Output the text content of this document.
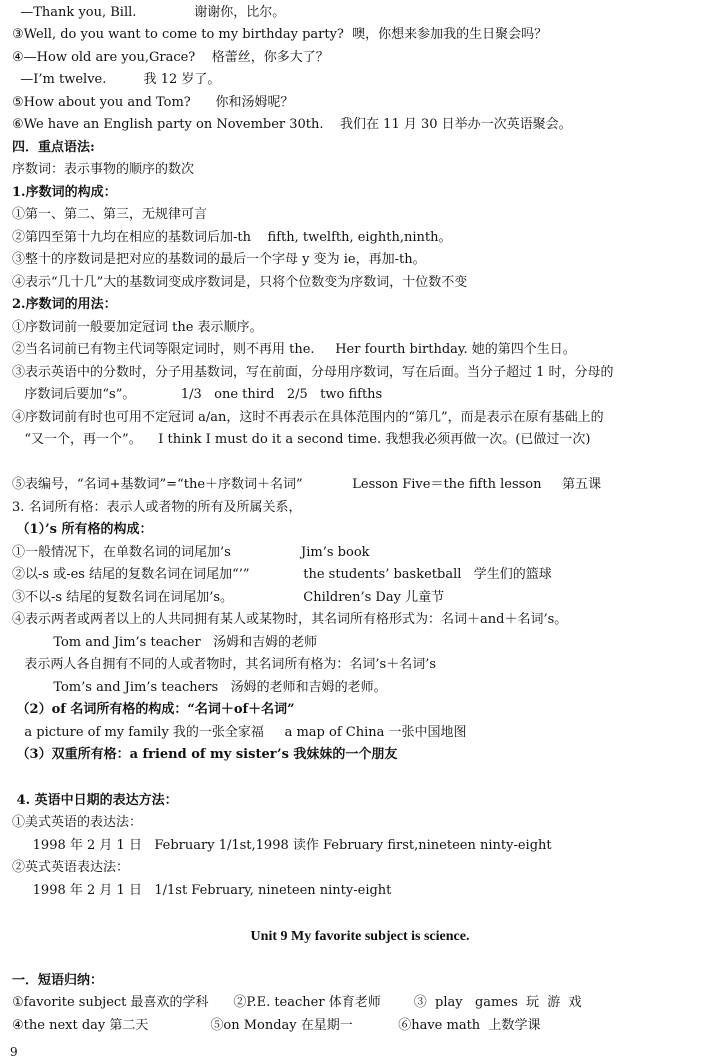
—Thank you, Bill.              谢谢你，比尔。
③Well, do you want to come to my birthday party?  噢，你想来参加我的生日聚会吗？
④—How old are you,Grace?    格蕾丝，你多大了？
—I’m twelve.         我 12 岁了。
⑤How about you and Tom?      你和汤姆呢？
⑥We have an English party on November 30th.    我们在 11 月 30 日举办一次英语聚会。
四．重点语法:
序数词：表示事物的顺序的数次
1.序数词的构成：
①第一、第二、第三，无规律可言
②第四至第十九均在相应的基数词后加-th    fifth, twelfth, eighth,ninth。
③整十的序数词是把对应的基数词的最后一个字母 y 变为 ie，再加-th。
④表示“几十几”大的基数词变成序数词是，只将个位数变为序数词，十位数不变
2.序数词的用法：
①序数词前一般要加定冠词 the 表示顺序。
②当名词前已有物主代词等限定词时，则不再用 the.     Her fourth birthday. 她的第四个生日。
③表示英语中的分数时，分子用基数词，写在前面，分母用序数词，写在后面。当分子超过 1 时，分母的
序数词后要加“s”。           1/3   one third   2/5   two fifths
④序数词前有时也可用不定冠词 a/an，这时不再表示在具体范围内的“第几”，而是表示在原有基础上的
“又一个，再一个”。    I think I must do it a second time. 我想我必须再做一次。(已做过一次)
⑤表编号，“名词+基数词”=“the＋序数词＋名词”            Lesson Five＝the fifth lesson     第五课
3. 名词所有格：表示人或者物的所有及所属关系，
（1）’s 所有格的构成：
①一般情况下，在单数名词的词尾加’s                 Jim’s book
②以-s 或-es 结尾的复数名词在词尾加“’”             the students’ basketball   学生们的篮球
③不以-s 结尾的复数名词在词尾加’s。                 Children’s Day 儿童节
④表示两者或两者以上的人共同拥有某人或某物时，其名词所有格形式为：名词＋and＋名词’s。
Tom and Jim’s teacher   汤姆和吉姆的老师
表示两人各自拥有不同的人或者物时，其名词所有格为：名词’s＋名词’s
Tom’s and Jim’s teachers   汤姆的老师和吉姆的老师。
（2）of 名词所有格的构成：“名词＋of＋名词”
a picture of my family 我的一张全家福     a map of China 一张中国地图
（3）双重所有格：a friend of my sister’s 我妹妹的一个朋友
4. 英语中日期的表达方法：
①美式英语的表达法：
1998 年 2 月 1 日   February 1/1st,1998 读作 February first,nineteen ninty-eight
②英式英语表达法：
1998 年 2 月 1 日   1/1st February, nineteen ninty-eight
Unit 9 My favorite subject is science.
一．短语归纳：
①favorite subject 最喜欢的学科      ②P.E. teacher 体育老师        ③  play   games  玩  游  戏
④the next day 第二天               ⑤on Monday 在星期一           ⑥have math  上数学课
9
